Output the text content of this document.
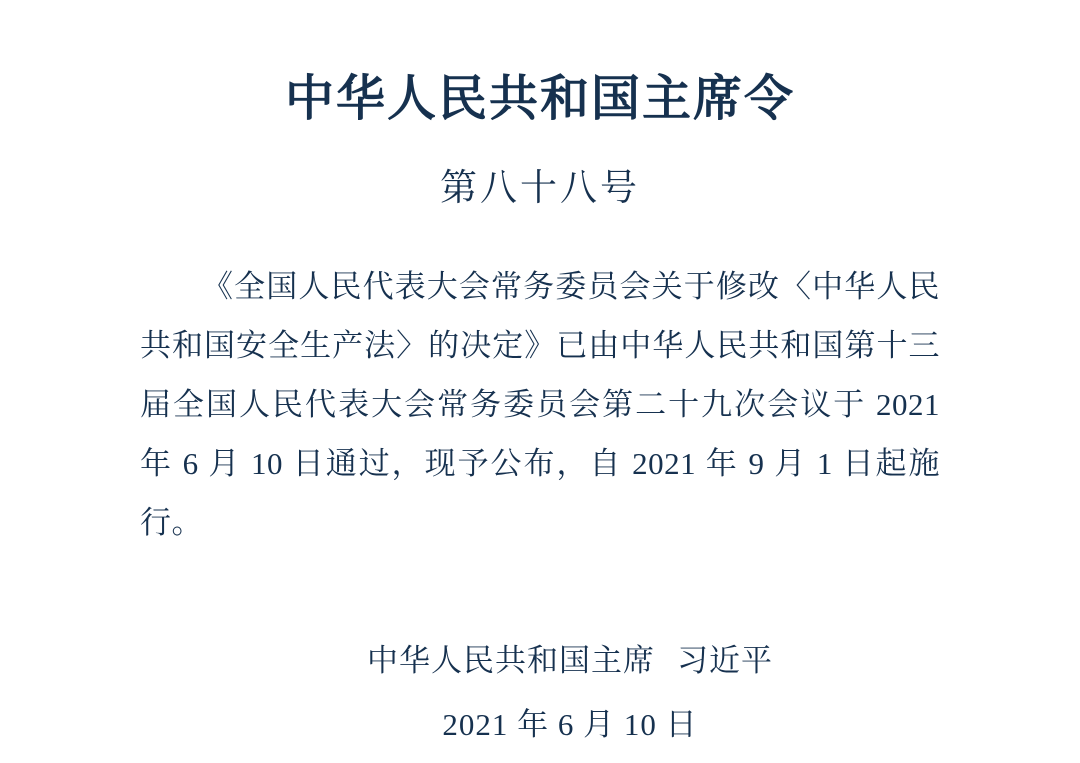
中华人民共和国主席令
第八十八号

《全国人民代表大会常务委员会关于修改〈中华人民共和国安全生产法〉的决定》已由中华人民共和国第十三届全国人民代表大会常务委员会第二十九次会议于 2021 年 6 月 10 日通过，现予公布，自 2021 年 9 月 1 日起施行。

中华人民共和国主席 习近平
2021 年 6 月 10 日
